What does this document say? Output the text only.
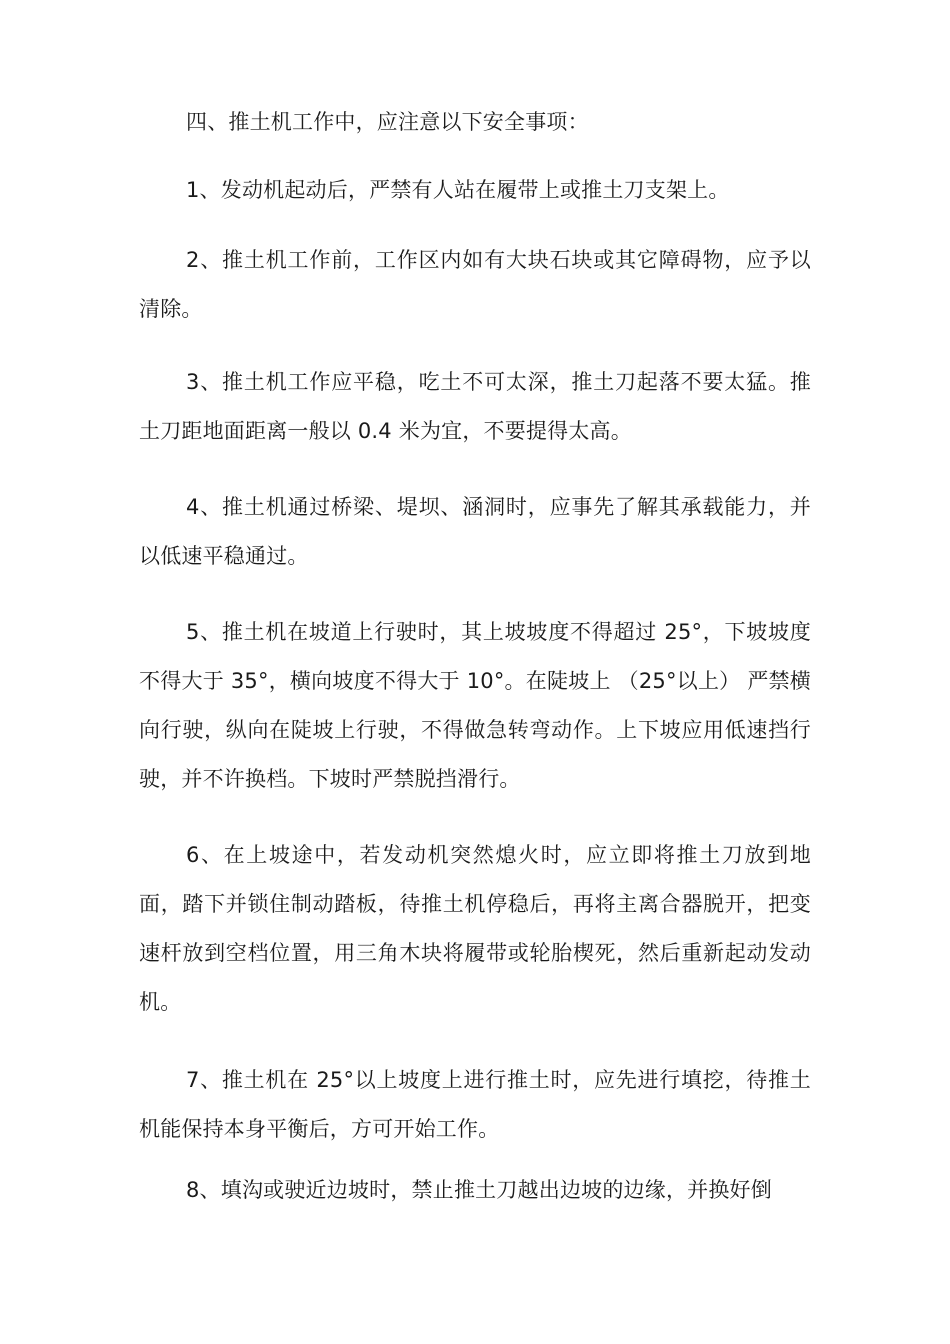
四、推土机工作中，应注意以下安全事项：

1、发动机起动后，严禁有人站在履带上或推土刀支架上。

2、推土机工作前，工作区内如有大块石块或其它障碍物，应予以清除。

3、推土机工作应平稳，吃土不可太深，推土刀起落不要太猛。推土刀距地面距离一般以 0.4 米为宜，不要提得太高。

4、推土机通过桥梁、堤坝、涵洞时，应事先了解其承载能力，并以低速平稳通过。

5、推土机在坡道上行驶时，其上坡坡度不得超过 25°，下坡坡度不得大于 35°，横向坡度不得大于 10°。在陡坡上 （25°以上） 严禁横向行驶，纵向在陡坡上行驶，不得做急转弯动作。上下坡应用低速挡行驶，并不许换档。下坡时严禁脱挡滑行。

6、在上坡途中，若发动机突然熄火时，应立即将推土刀放到地面，踏下并锁住制动踏板，待推土机停稳后，再将主离合器脱开，把变速杆放到空档位置，用三角木块将履带或轮胎楔死，然后重新起动发动机。

7、推土机在 25°以上坡度上进行推土时，应先进行填挖，待推土机能保持本身平衡后，方可开始工作。

8、填沟或驶近边坡时，禁止推土刀越出边坡的边缘，并换好倒
